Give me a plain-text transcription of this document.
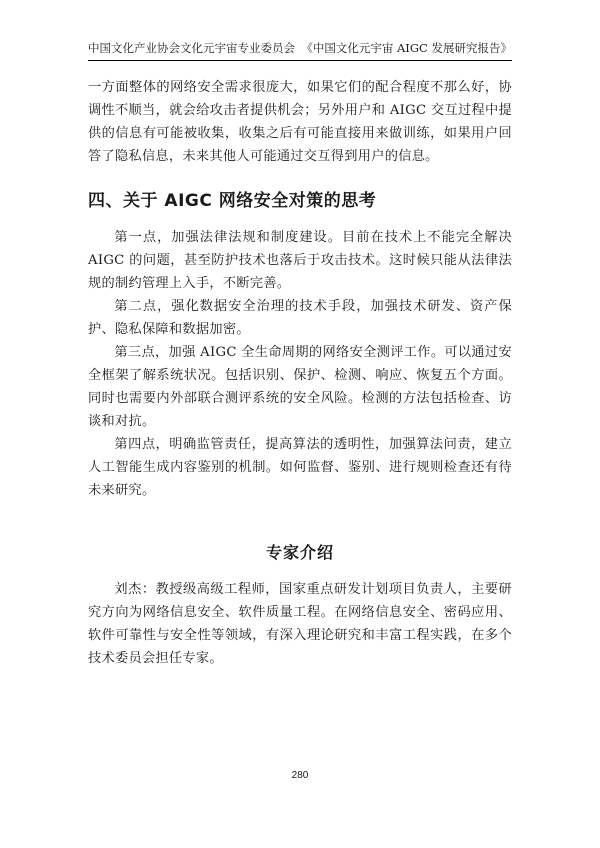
中国文化产业协会文化元宇宙专业委员会 《中国文化元宇宙 AIGC 发展研究报告》

一方面整体的网络安全需求很庞大，如果它们的配合程度不那么好，协调性不顺当，就会给攻击者提供机会；另外用户和 AIGC 交互过程中提供的信息有可能被收集，收集之后有可能直接用来做训练，如果用户回答了隐私信息，未来其他人可能通过交互得到用户的信息。

四、关于 AIGC 网络安全对策的思考

第一点，加强法律法规和制度建设。目前在技术上不能完全解决 AIGC 的问题，甚至防护技术也落后于攻击技术。这时候只能从法律法规的制约管理上入手，不断完善。

第二点，强化数据安全治理的技术手段，加强技术研发、资产保护、隐私保障和数据加密。

第三点，加强 AIGC 全生命周期的网络安全测评工作。可以通过安全框架了解系统状况。包括识别、保护、检测、响应、恢复五个方面。同时也需要内外部联合测评系统的安全风险。检测的方法包括检查、访谈和对抗。

第四点，明确监管责任，提高算法的透明性，加强算法问责，建立人工智能生成内容鉴别的机制。如何监督、鉴别、进行规则检查还有待未来研究。

专家介绍

刘杰：教授级高级工程师，国家重点研发计划项目负责人，主要研究方向为网络信息安全、软件质量工程。在网络信息安全、密码应用、软件可靠性与安全性等领域，有深入理论研究和丰富工程实践，在多个技术委员会担任专家。

280
